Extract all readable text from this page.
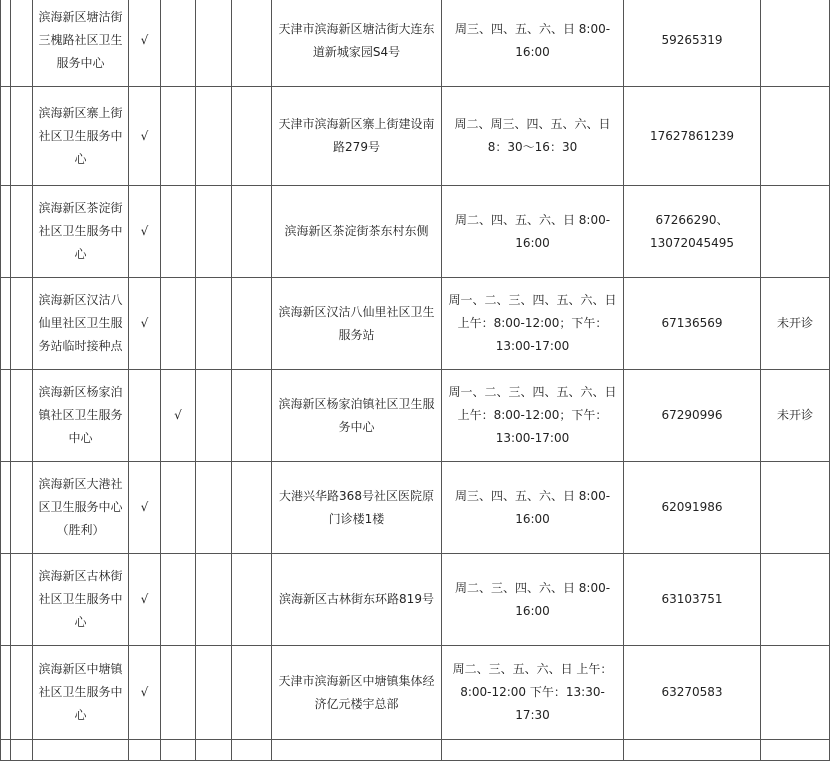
		滨海新区塘沽街三槐路社区卫生服务中心	√				天津市滨海新区塘沽街大连东道新城家园S4号	周三、四、五、六、日 8:00-16:00	59265319	
		滨海新区寨上街社区卫生服务中心	√				天津市滨海新区寨上街建设南路279号	周二、周三、四、五、六、日 8：30～16：30	17627861239	
		滨海新区茶淀街社区卫生服务中心	√				滨海新区茶淀街茶东村东侧	周二、四、五、六、日 8:00-16:00	67266290、13072045495	
		滨海新区汉沽八仙里社区卫生服务站临时接种点	√				滨海新区汉沽八仙里社区卫生服务站	周一、二、三、四、五、六、日 上午：8:00-12:00；下午：13:00-17:00	67136569	未开诊
		滨海新区杨家泊镇社区卫生服务中心		√			滨海新区杨家泊镇社区卫生服务中心	周一、二、三、四、五、六、日 上午：8:00-12:00；下午：13:00-17:00	67290996	未开诊
		滨海新区大港社区卫生服务中心（胜利）	√				大港兴华路368号社区医院原门诊楼1楼	周三、四、五、六、日 8:00-16:00	62091986	
		滨海新区古林街社区卫生服务中心	√				滨海新区古林街东环路819号	周二、三、四、六、日 8:00-16:00	63103751	
		滨海新区中塘镇社区卫生服务中心	√				天津市滨海新区中塘镇集体经济亿元楼宇总部	周二、三、五、六、日 上午：8:00-12:00 下午：13:30-17:30	63270583	
